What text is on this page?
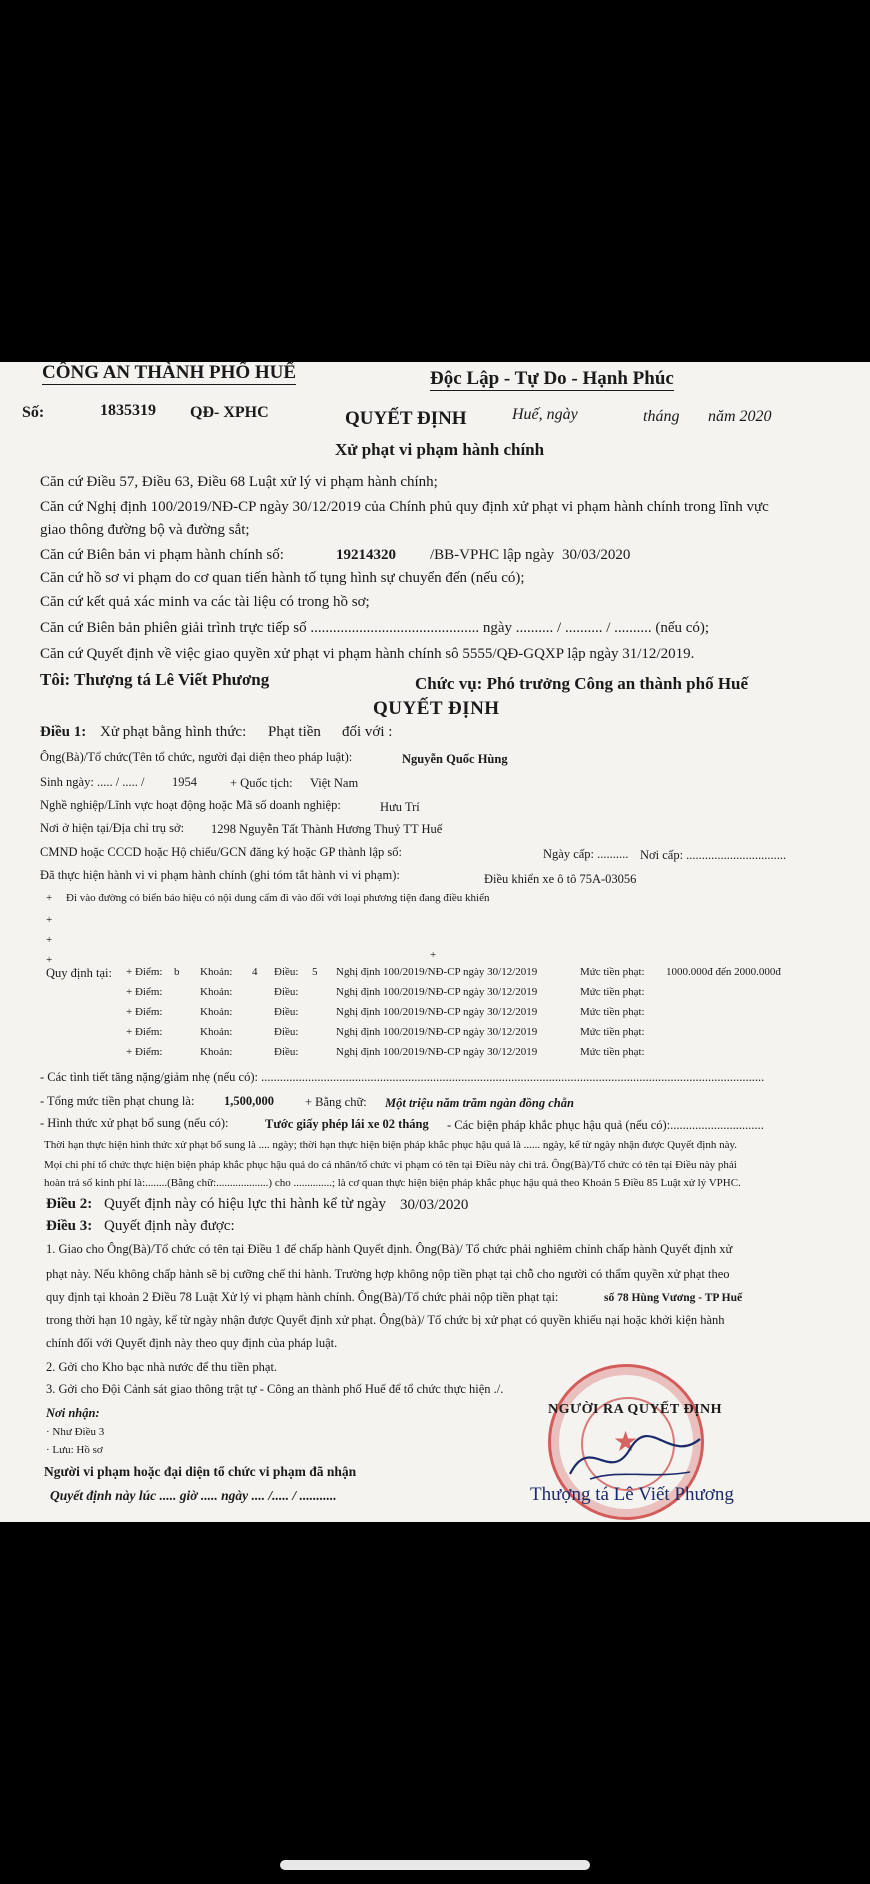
CÔNG AN THÀNH PHỐ HUẾ	Độc Lập - Tự Do - Hạnh Phúc
Số:	1835319 QĐ- XPHC	QUYẾT ĐỊNH	Huế, ngày	tháng năm 2020
Xử phạt vi phạm hành chính
Căn cứ Điều 57, Điều 63, Điều 68 Luật xử lý vi phạm hành chính;
Căn cứ Nghị định 100/2019/NĐ-CP ngày 30/12/2019 của Chính phủ quy định xử phạt vi phạm hành chính trong lĩnh vực
giao thông đường bộ và đường sắt;
Căn cứ Biên bản vi phạm hành chính số:	19214320 /BB-VPHC lập ngày 30/03/2020
Căn cứ hồ sơ vi phạm do cơ quan tiến hành tố tụng hình sự chuyển đến (nếu có);
Căn cứ kết quả xác minh va các tài liệu có trong hồ sơ;
Căn cứ Biên bản phiên giải trình trực tiếp số ............................................. ngày .......... / .......... / .......... (nếu có);
Căn cứ Quyết định về việc giao quyền xử phạt vi phạm hành chính sô 5555/QĐ-GQXP lập ngày 31/12/2019.
Tôi: Thượng tá Lê Viết Phương	Chức vụ: Phó trưởng Công an thành phố Huế
QUYẾT ĐỊNH
Điều 1: Xử phạt bằng hình thức: Phạt tiền đối với :
Ông(Bà)/Tổ chức(Tên tổ chức, người đại diện theo pháp luật):	Nguyễn Quốc Hùng
Sinh ngày: ..... / ..... / 1954	+ Quốc tịch: Việt Nam
Nghề nghiệp/Lĩnh vực hoạt động hoặc Mã số doanh nghiệp:	Hưu Trí
Nơi ở hiện tại/Địa chỉ trụ sở: 1298 Nguyễn Tất Thành Hương Thuỷ TT Huế
CMND hoặc CCCD hoặc Hộ chiếu/GCN đăng ký hoặc GP thành lập số:	Ngày cấp: .......... Nơi cấp: ................................
Đã thực hiện hành vi vi phạm hành chính (ghi tóm tắt hành vi vi phạm):	Điều khiển xe ô tô 75A-03056
+ Đi vào đường có biển báo hiệu có nội dung cấm đi vào đối với loại phương tiện đang điều khiển
+
+
+	+
Quy định tại: + Điểm: b Khoản: 4 Điều: 5 Nghị định 100/2019/NĐ-CP ngày 30/12/2019	Mức tiền phạt: 1000.000đ đến 2000.000đ
+ Điểm:	Khoản:	Điều:	Nghị định 100/2019/NĐ-CP ngày 30/12/2019	Mức tiền phạt:
+ Điểm:	Khoản:	Điều:	Nghị định 100/2019/NĐ-CP ngày 30/12/2019	Mức tiền phạt:
+ Điểm:	Khoản:	Điều:	Nghị định 100/2019/NĐ-CP ngày 30/12/2019	Mức tiền phạt:
+ Điểm:	Khoản:	Điều:	Nghị định 100/2019/NĐ-CP ngày 30/12/2019	Mức tiền phạt:
- Các tình tiết tăng nặng/giảm nhẹ (nếu có): .................................................................................................................................................................
- Tổng mức tiền phạt chung là: 1,500,000 + Bằng chữ: Một triệu năm trăm ngàn đồng chẵn
- Hình thức xử phạt bổ sung (nếu có):	Tước giấy phép lái xe 02 tháng - Các biện pháp khắc phục hậu quả (nếu có):..............................
Thời hạn thực hiện hình thức xử phạt bổ sung là .... ngày; thời hạn thực hiện biện pháp khắc phục hậu quả là ...... ngày, kể từ ngày nhận được Quyết định này.
Mọi chi phí tổ chức thực hiện biện pháp khắc phục hậu quả do cá nhân/tổ chức vi phạm có tên tại Điều này chi trả. Ông(Bà)/Tổ chức có tên tại Điều này phải
hoàn trả số kinh phí là:........(Bằng chữ:...................) cho ..............; là cơ quan thực hiện biện pháp khắc phục hậu quả theo Khoản 5 Điều 85 Luật xử lý VPHC.
Điều 2: Quyết định này có hiệu lực thi hành kể từ ngày 30/03/2020
Điều 3: Quyết định này được:
1. Giao cho Ông(Bà)/Tổ chức có tên tại Điều 1 để chấp hành Quyết định. Ông(Bà)/ Tổ chức phải nghiêm chỉnh chấp hành Quyết định xử
phạt này. Nếu không chấp hành sẽ bị cưỡng chế thi hành. Trường hợp không nộp tiền phạt tại chỗ cho người có thẩm quyền xử phạt theo
quy định tại khoản 2 Điều 78 Luật Xử lý vi phạm hành chính. Ông(Bà)/Tổ chức phải nộp tiền phạt tại:	số 78 Hùng Vương - TP Huế
trong thời hạn 10 ngày, kể từ ngày nhận được Quyết định xử phạt. Ông(bà)/ Tổ chức bị xử phạt có quyền khiếu nại hoặc khởi kiện hành
chính đối với Quyết định này theo quy định của pháp luật.
2. Gởi cho Kho bạc nhà nước để thu tiền phạt.
3. Gởi cho Đội Cảnh sát giao thông trật tự - Công an thành phố Huế để tổ chức thực hiện ./.
Nơi nhận:
· Như Điều 3
· Lưu: Hồ sơ
Người vi phạm hoặc đại diện tổ chức vi phạm đã nhận
Quyết định này lúc ..... giờ ..... ngày .... /..... / ...........
★
NGƯỜI RA QUYẾT ĐỊNH
Thượng tá Lê Viết Phương
